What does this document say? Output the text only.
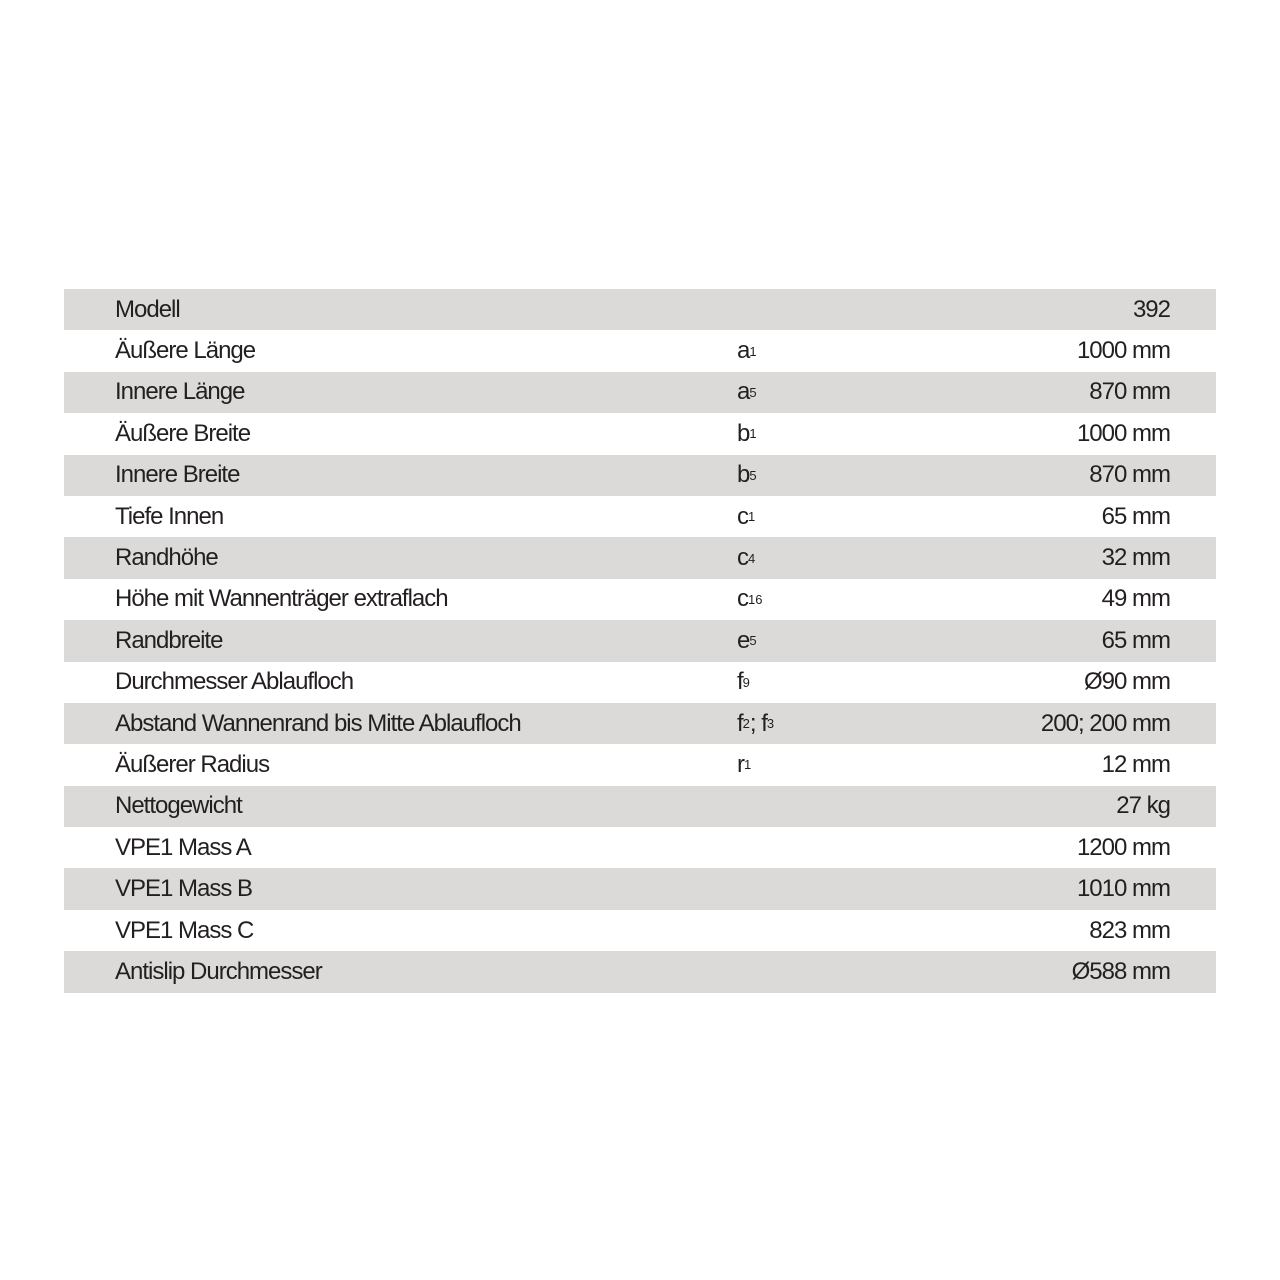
Modell	392
Äußere Länge	a 1	1000 mm
Innere Länge	a 5	870 mm
Äußere Breite	b 1	1000 mm
Innere Breite	b 5	870 mm
Tiefe Innen	c 1	65 mm
Randhöhe	c 4	32 mm
Höhe mit Wannenträger extraflach	c 16	49 mm
Randbreite	e 5	65 mm
Durchmesser Ablaufloch	f 9	Ø90 mm
Abstand Wannenrand bis Mitte Ablaufloch	f 2 ; f 3	200; 200 mm
Äußerer Radius	r 1	12 mm
Nettogewicht	27 kg
VPE1 Mass A	1200 mm
VPE1 Mass B	1010 mm
VPE1 Mass C	823 mm
Antislip Durchmesser	Ø588 mm
